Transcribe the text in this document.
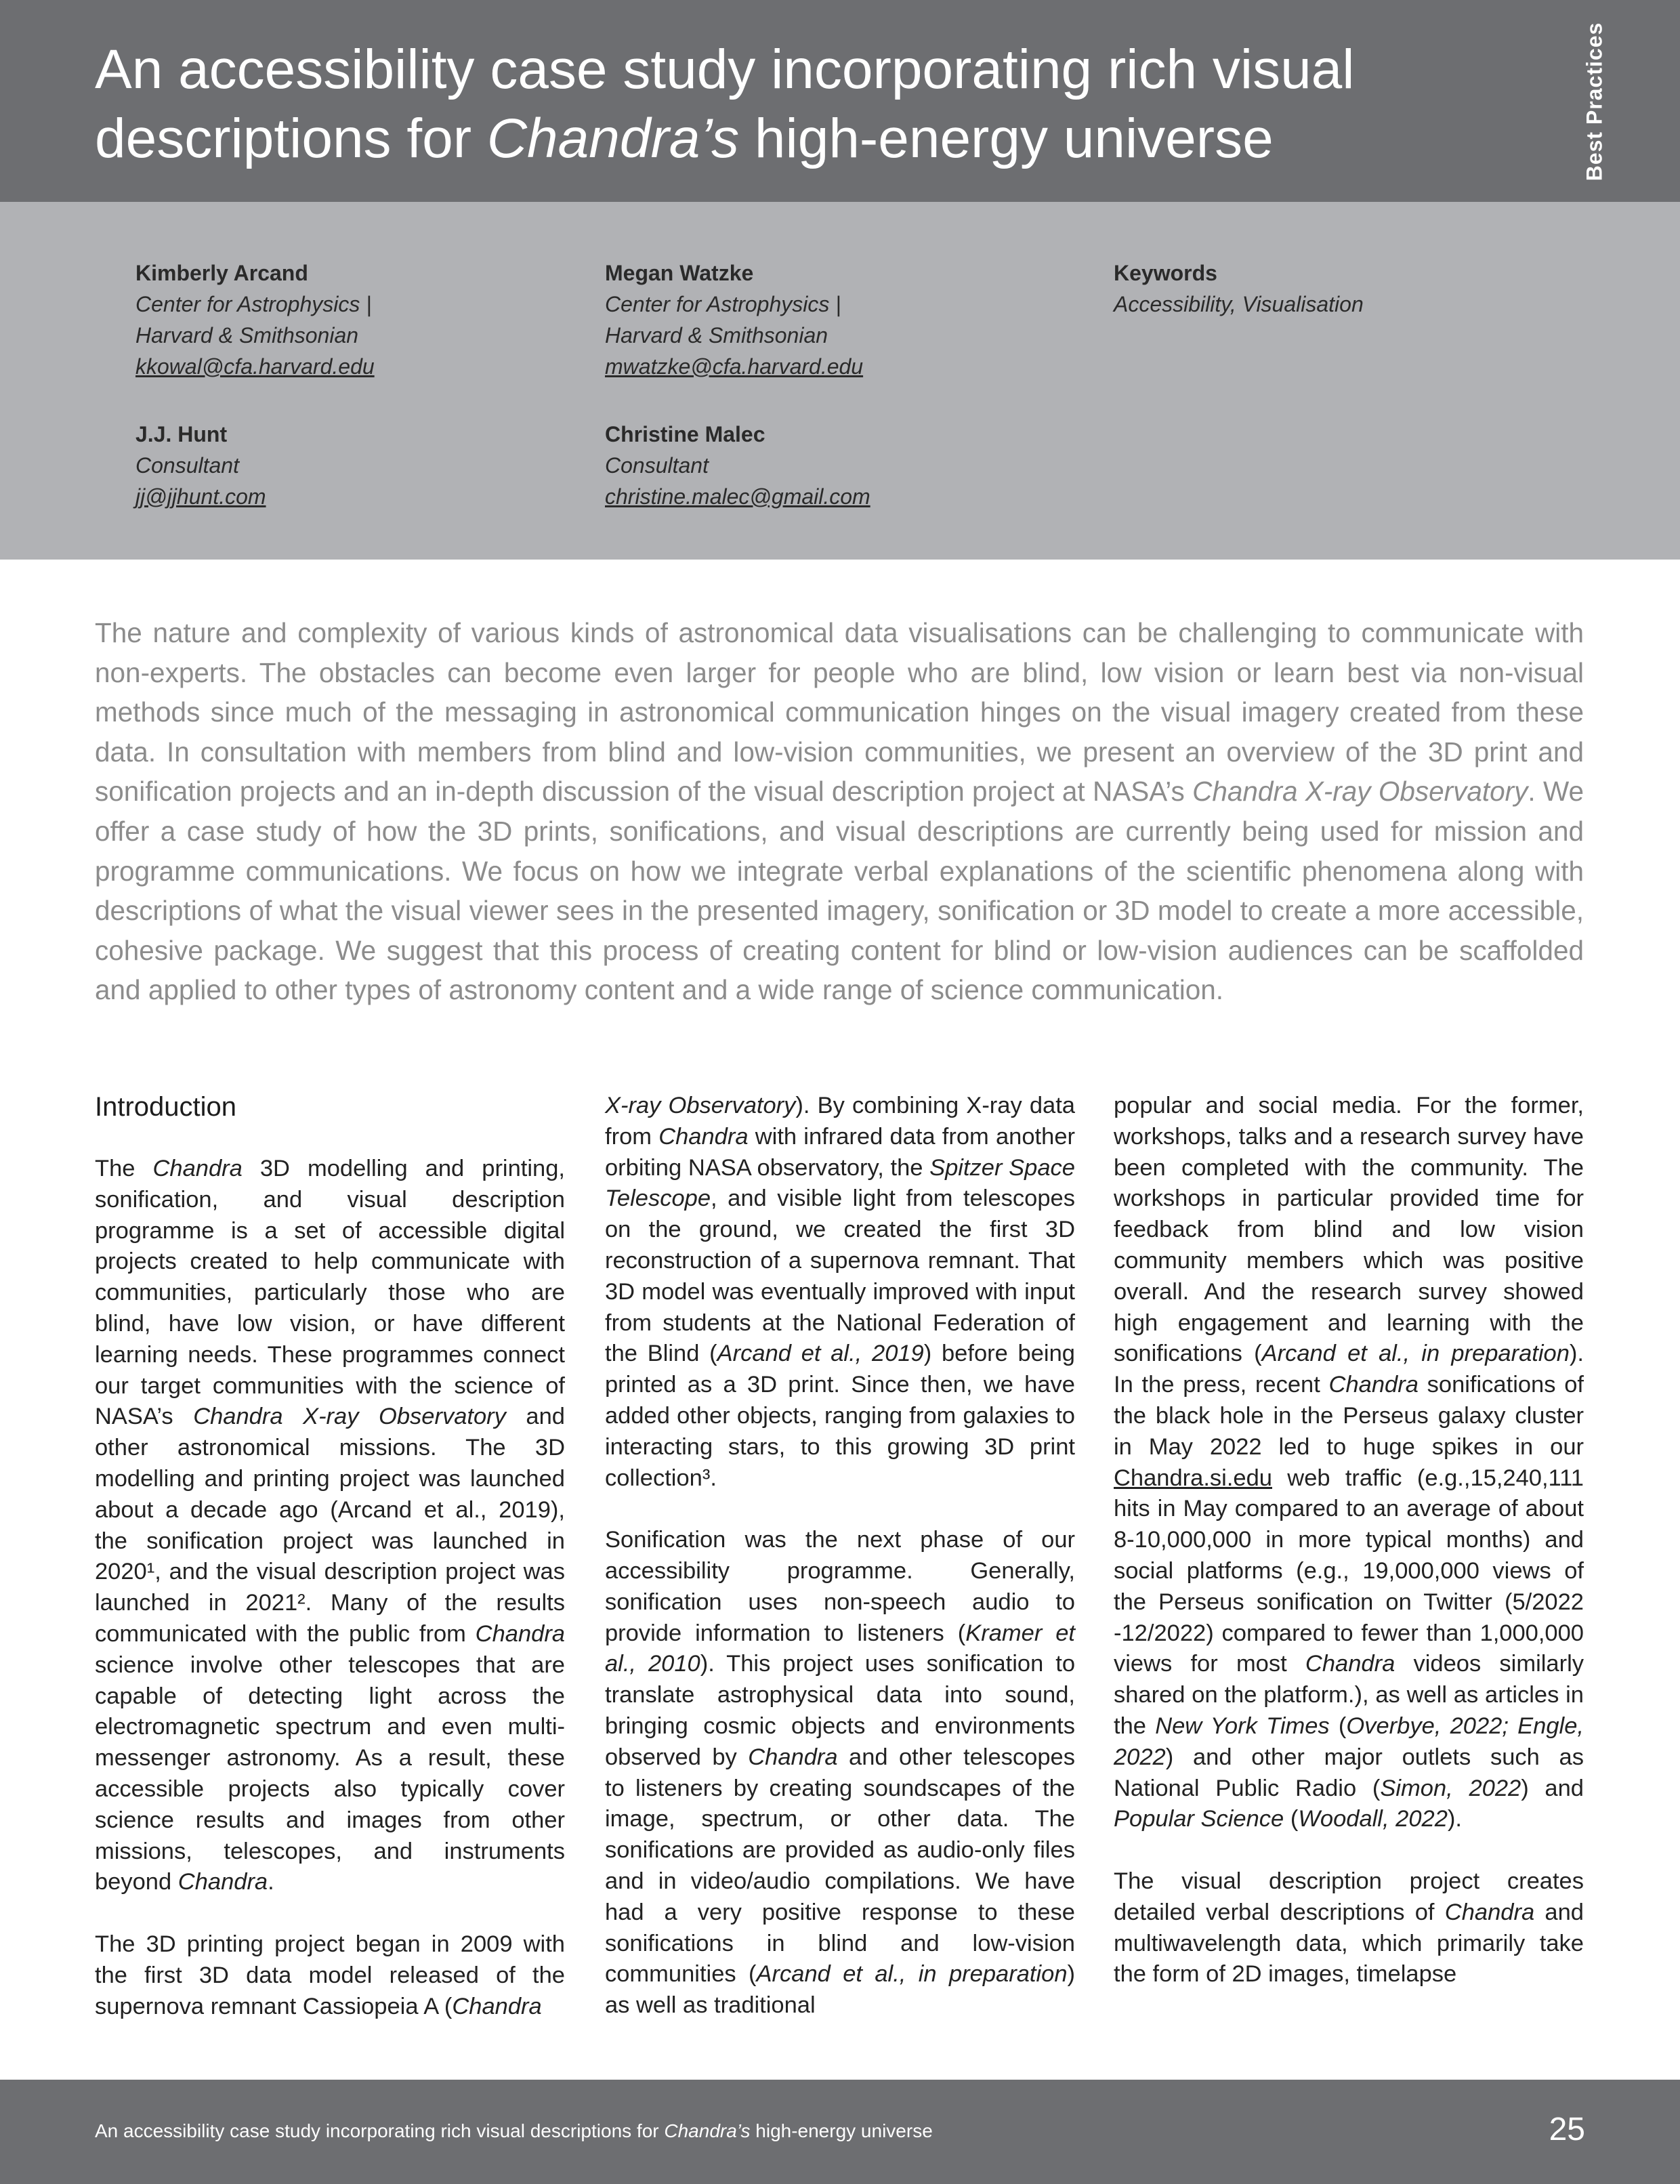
An accessibility case study incorporating rich visual
descriptions for Chandra’s high-energy universe	Best Practices
Kimberly Arcand
Center for Astrophysics |
Harvard & Smithsonian
kkowal@cfa.harvard.edu
Megan Watzke
Center for Astrophysics |
Harvard & Smithsonian
mwatzke@cfa.harvard.edu
Keywords
Accessibility, Visualisation
J.J. Hunt
Consultant
jj@jjhunt.com
Christine Malec
Consultant
christine.malec@gmail.com

The nature and complexity of various kinds of astronomical data visualisations can be challenging to communicate with non-experts. The obstacles can become even larger for people who are blind, low vision or learn best via non-visual methods since much of the messaging in astronomical communication hinges on the visual imagery created from these data. In consultation with members from blind and low-vision communities, we present an overview of the 3D print and sonification projects and an in-depth discussion of the visual description project at NASA’s Chandra X-ray Observatory. We offer a case study of how the 3D prints, sonifications, and visual descriptions are currently being used for mission and programme communications. We focus on how we integrate verbal explanations of the scientific phenomena along with descriptions of what the visual viewer sees in the presented imagery, sonification or 3D model to create a more accessible, cohesive package. We suggest that this process of creating content for blind or low-vision audiences can be scaffolded and applied to other types of astronomy content and a wide range of science communication.

Introduction

The Chandra 3D modelling and printing, sonification, and visual description programme is a set of accessible digital projects created to help communicate with communities, particularly those who are blind, have low vision, or have different learning needs. These programmes connect our target communities with the science of NASA’s Chandra X-ray Observatory and other astronomical missions. The 3D modelling and printing project was launched about a decade ago (Arcand et al., 2019), the sonification project was launched in 2020¹, and the visual description project was launched in 2021². Many of the results communicated with the public from Chandra science involve other telescopes that are capable of detecting light across the electromagnetic spectrum and even multi-messenger astronomy. As a result, these accessible projects also typically cover science results and images from other missions, telescopes, and instruments beyond Chandra.

The 3D printing project began in 2009 with the first 3D data model released of the supernova remnant Cassiopeia A (Chandra

X-ray Observatory). By combining X-ray data from Chandra with infrared data from another orbiting NASA observatory, the Spitzer Space Telescope, and visible light from telescopes on the ground, we created the first 3D reconstruction of a supernova remnant. That 3D model was eventually improved with input from students at the National Federation of the Blind (Arcand et al., 2019) before being printed as a 3D print. Since then, we have added other objects, ranging from galaxies to interacting stars, to this growing 3D print collection³.

Sonification was the next phase of our accessibility programme. Generally, sonification uses non-speech audio to provide information to listeners (Kramer et al., 2010). This project uses sonification to translate astrophysical data into sound, bringing cosmic objects and environments observed by Chandra and other telescopes to listeners by creating soundscapes of the image, spectrum, or other data. The sonifications are provided as audio-only files and in video/audio compilations. We have had a very positive response to these sonifications in blind and low-vision communities (Arcand et al., in preparation) as well as traditional

popular and social media. For the former, workshops, talks and a research survey have been completed with the community. The workshops in particular provided time for feedback from blind and low vision community members which was positive overall. And the research survey showed high engagement and learning with the sonifications (Arcand et al., in preparation). In the press, recent Chandra sonifications of the black hole in the Perseus galaxy cluster in May 2022 led to huge spikes in our Chandra.si.edu web traffic (e.g.,15,240,111 hits in May compared to an average of about 8-10,000,000 in more typical months) and social platforms (e.g., 19,000,000 views of the Perseus sonification on Twitter (5/2022 -12/2022) compared to fewer than 1,000,000 views for most Chandra videos similarly shared on the platform.), as well as articles in the New York Times (Overbye, 2022; Engle, 2022) and other major outlets such as National Public Radio (Simon, 2022) and Popular Science (Woodall, 2022).

The visual description project creates detailed verbal descriptions of Chandra and multiwavelength data, which primarily take the form of 2D images, timelapse

An accessibility case study incorporating rich visual descriptions for Chandra’s high-energy universe	25
